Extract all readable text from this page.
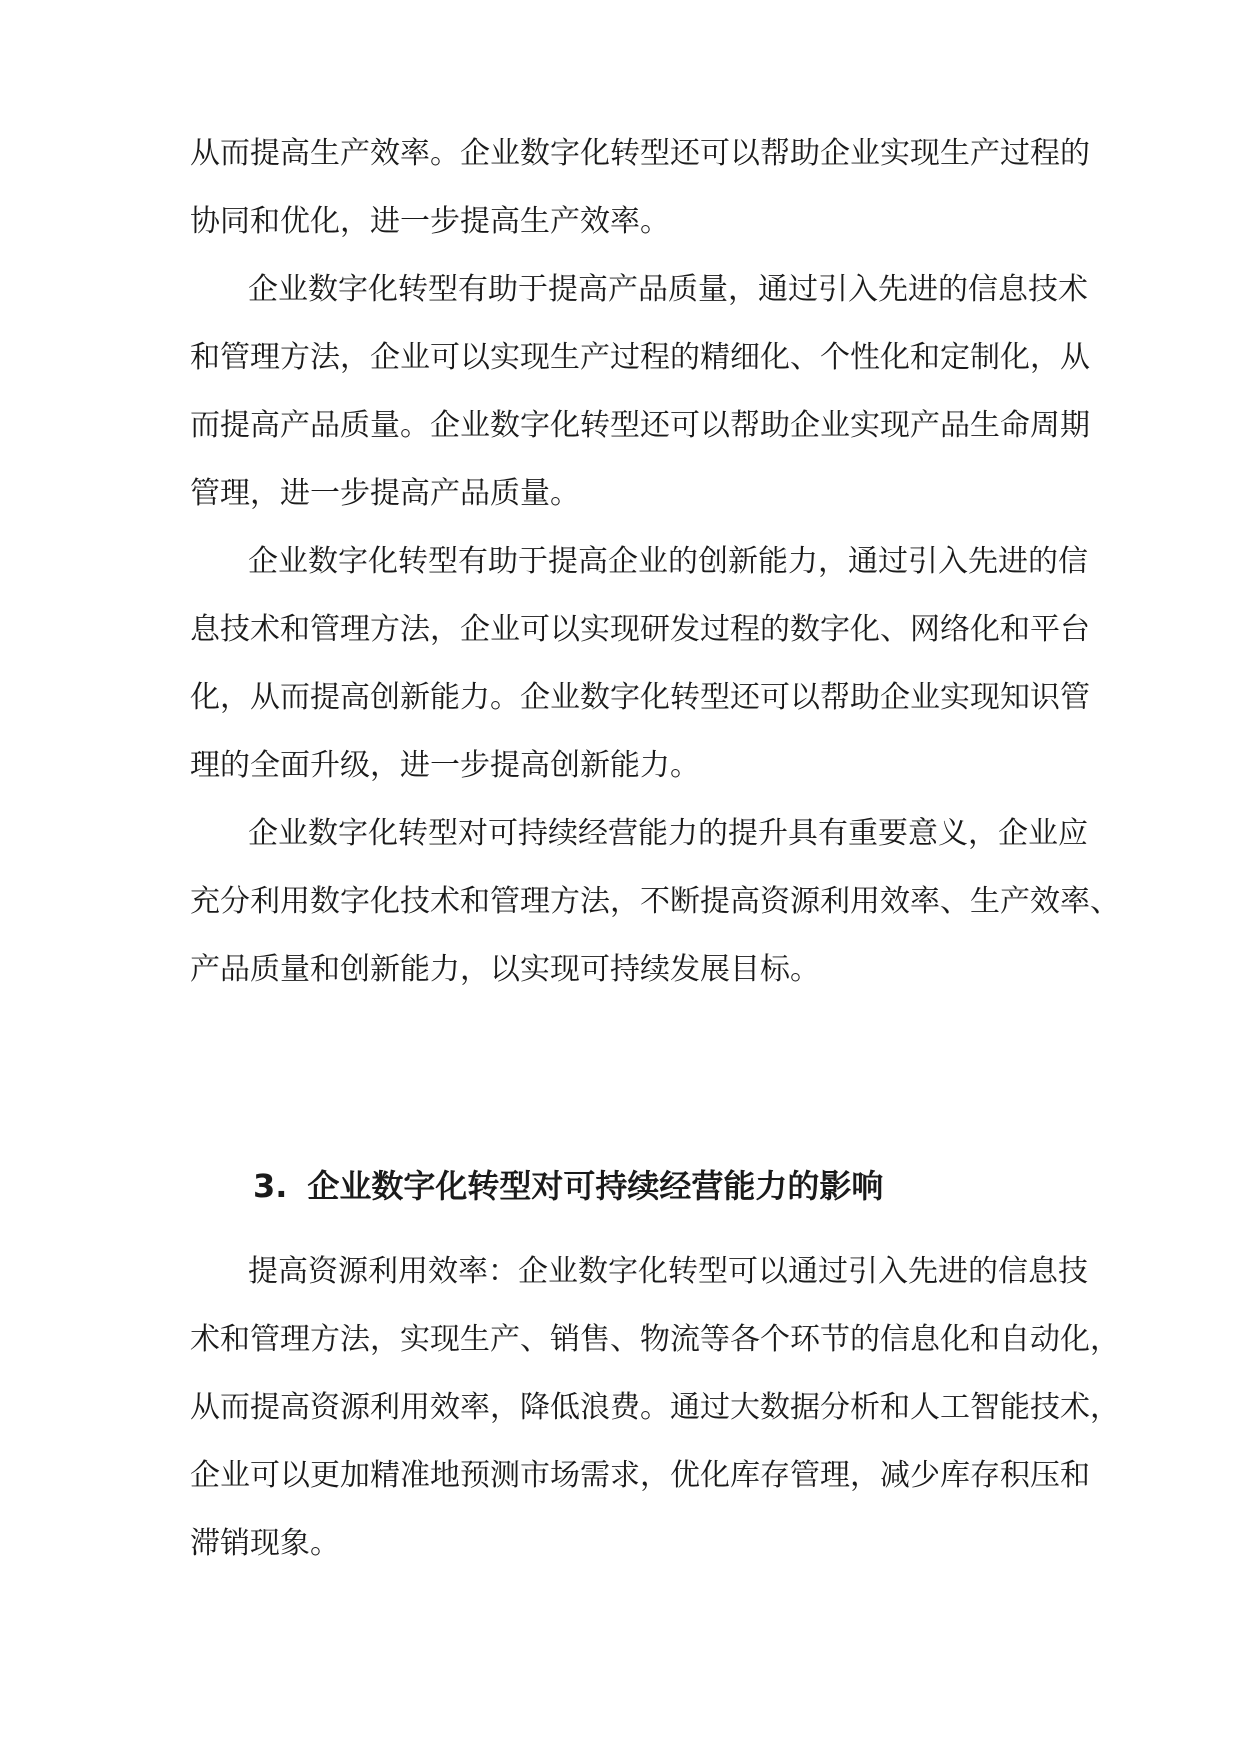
从而提高生产效率。企业数字化转型还可以帮助企业实现生产过程的
协同和优化，进一步提高生产效率。
企业数字化转型有助于提高产品质量，通过引入先进的信息技术
和管理方法，企业可以实现生产过程的精细化、个性化和定制化，从
而提高产品质量。企业数字化转型还可以帮助企业实现产品生命周期
管理，进一步提高产品质量。
企业数字化转型有助于提高企业的创新能力，通过引入先进的信
息技术和管理方法，企业可以实现研发过程的数字化、网络化和平台
化，从而提高创新能力。企业数字化转型还可以帮助企业实现知识管
理的全面升级，进一步提高创新能力。
企业数字化转型对可持续经营能力的提升具有重要意义，企业应
充分利用数字化技术和管理方法，不断提高资源利用效率、生产效率、
产品质量和创新能力，以实现可持续发展目标。
3. 企业数字化转型对可持续经营能力的影响
提高资源利用效率：企业数字化转型可以通过引入先进的信息技
术和管理方法，实现生产、销售、物流等各个环节的信息化和自动化，
从而提高资源利用效率，降低浪费。通过大数据分析和人工智能技术，
企业可以更加精准地预测市场需求，优化库存管理，减少库存积压和
滞销现象。
